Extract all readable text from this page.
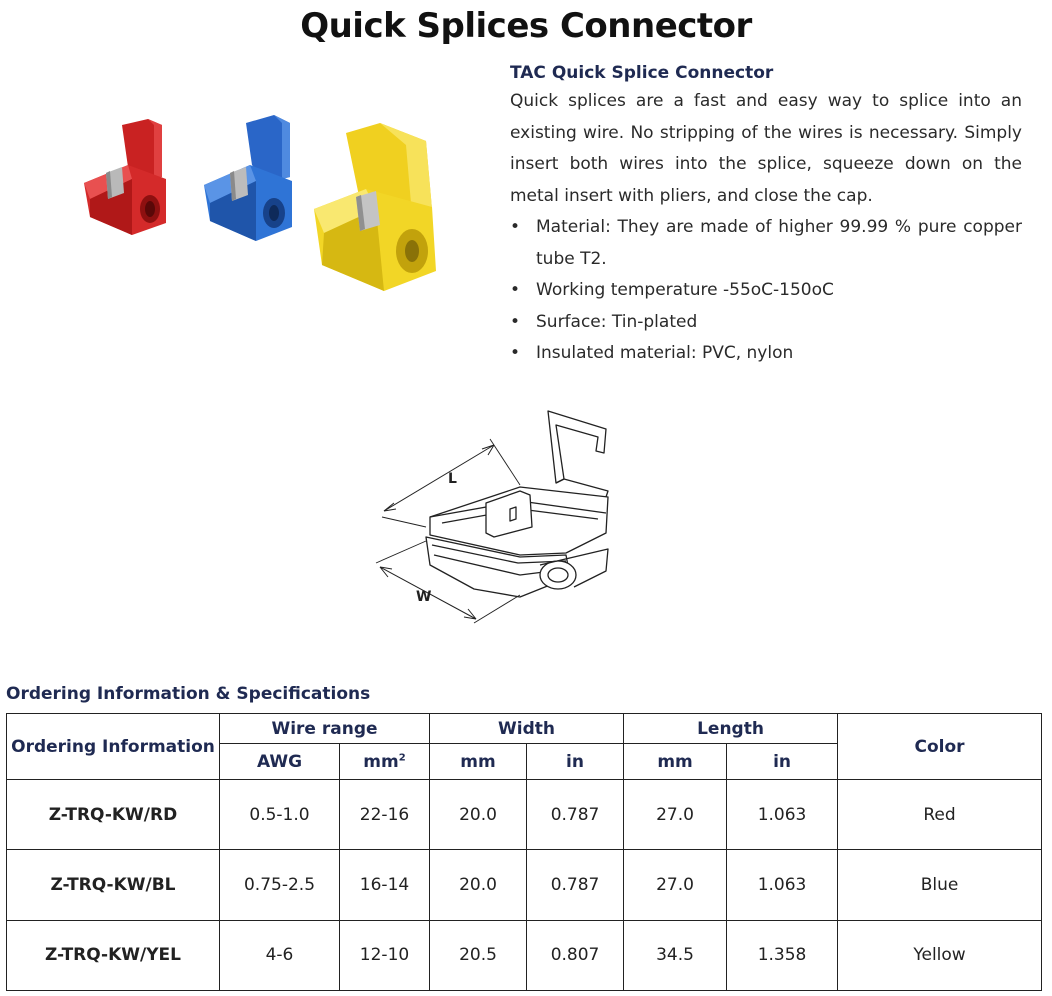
Quick Splices Connector
TAC Quick Splice Connector

Quick splices are a fast and easy way to splice into an existing wire. No stripping of the wires is necessary. Simply insert both wires into the splice, squeeze down on the metal insert with pliers, and close the cap.

• Material: They are made of higher 99.99 % pure copper tube T2.
• Working temperature -55oC-150oC
• Surface: Tin-plated
• Insulated material: PVC, nylon
L
W
Ordering Information & Specifications
Ordering Information	Wire range		Width		Length		Color
	AWG	$mm^2$	mm	in	mm	in	
Z-TRQ-KW/RD	0.5-1.0	22-16	20.0	0.787	27.0	1.063	Red
Z-TRQ-KW/BL	0.75-2.5	16-14	20.0	0.787	27.0	1.063	Blue
Z-TRQ-KW/YEL	4-6	12-10	20.5	0.807	34.5	1.358	Yellow
